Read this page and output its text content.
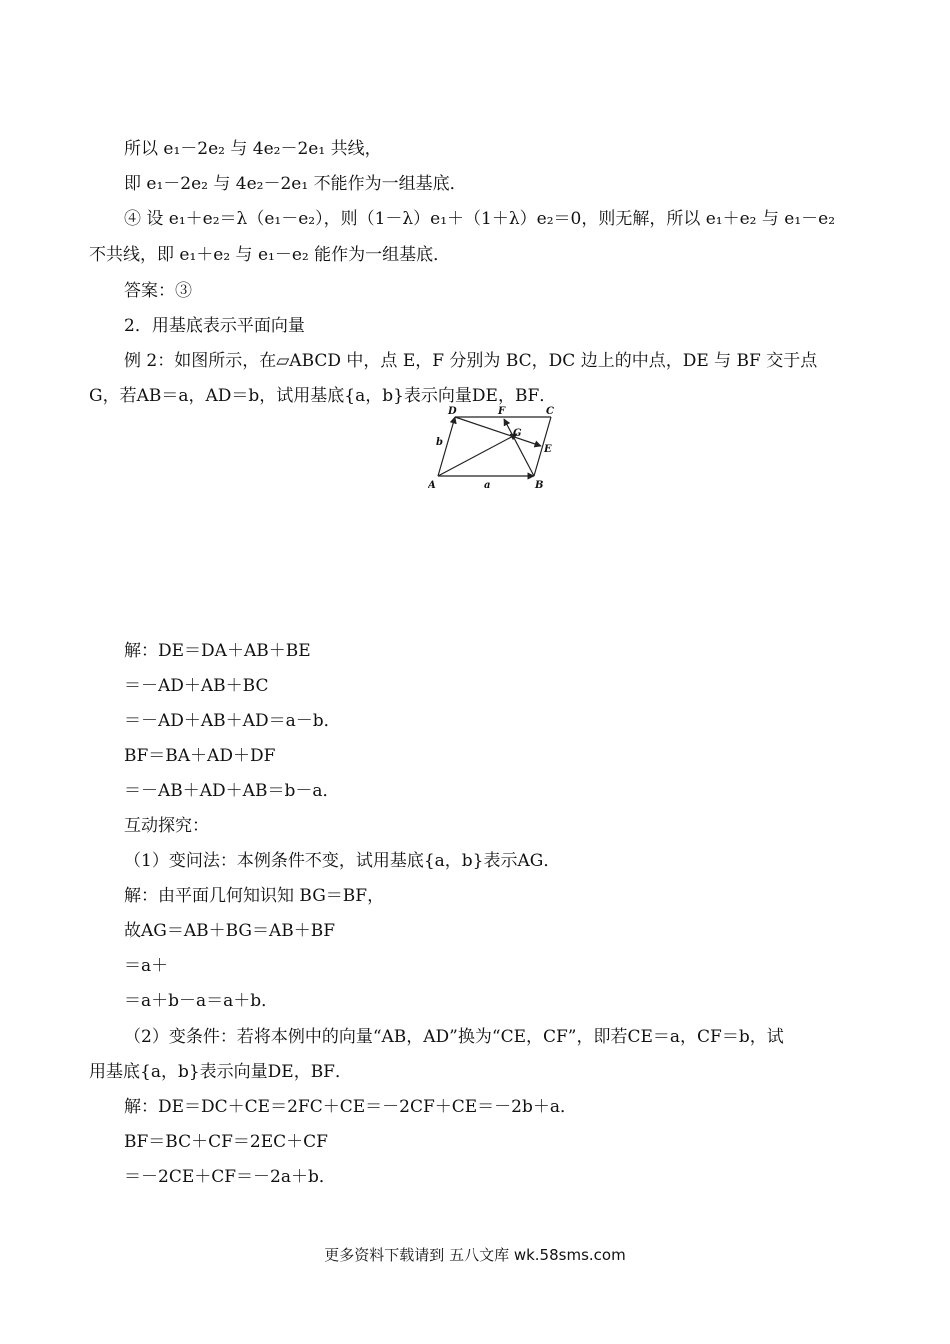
所以 e₁－2e₂ 与 4e₂－2e₁ 共线，
即 e₁－2e₂ 与 4e₂－2e₁ 不能作为一组基底．
④ 设 e₁＋e₂＝λ（e₁－e₂），则（1－λ）e₁＋（1＋λ）e₂＝0，则无解，所以 e₁＋e₂ 与 e₁－e₂
不共线，即 e₁＋e₂ 与 e₁－e₂ 能作为一组基底．
答案：③
2．用基底表示平面向量
例 2：如图所示，在▱ABCD 中，点 E，F 分别为 BC，DC 边上的中点，DE 与 BF 交于点
G，若AB＝a，AD＝b，试用基底{a，b}表示向量DE，BF．
A	B
C
D
E
F
G
a
b
解：DE＝DA＋AB＋BE
＝－AD＋AB＋BC
＝－AD＋AB＋AD＝a－b．
BF＝BA＋AD＋DF
＝－AB＋AD＋AB＝b－a．
互动探究：
（1）变问法：本例条件不变，试用基底{a，b}表示AG．
解：由平面几何知识知 BG＝BF，
故AG＝AB＋BG＝AB＋BF
＝a＋
＝a＋b－a＝a＋b．
（2）变条件：若将本例中的向量“AB，AD”换为“CE，CF”，即若CE＝a，CF＝b，试
用基底{a，b}表示向量DE，BF．
解：DE＝DC＋CE＝2FC＋CE＝－2CF＋CE＝－2b＋a．
BF＝BC＋CF＝2EC＋CF
＝－2CE＋CF＝－2a＋b．
更多资料下载请到 五八文库 wk.58sms.com
